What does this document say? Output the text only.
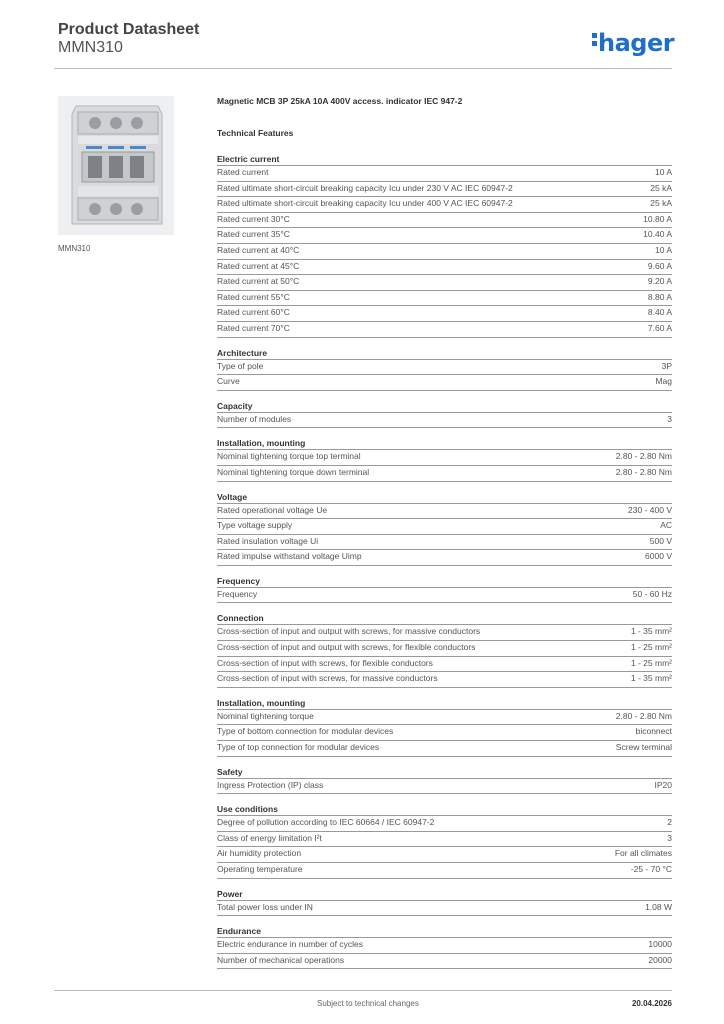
Product Datasheet
MMN310	hager
MMN310
Magnetic MCB 3P 25kA 10A 400V access. indicator IEC 947-2
Technical Features
Electric current
Rated current	10 A
Rated ultimate short-circuit breaking capacity Icu under 230 V AC IEC 60947-2	25 kA
Rated ultimate short-circuit breaking capacity Icu under 400 V AC IEC 60947-2	25 kA
Rated current 30°C	10.80 A
Rated current 35°C	10.40 A
Rated current at 40°C	10 A
Rated current at 45°C	9.60 A
Rated current at 50°C	9.20 A
Rated current 55°C	8.80 A
Rated current 60°C	8.40 A
Rated current 70°C	7.60 A
Architecture
Type of pole	3P
Curve	Mag
Capacity
Number of modules	3
Installation, mounting
Nominal tightening torque top terminal	2.80 - 2.80 Nm
Nominal tightening torque down terminal	2.80 - 2.80 Nm
Voltage
Rated operational voltage Ue	230 - 400 V
Type voltage supply	AC
Rated insulation voltage Ui	500 V
Rated impulse withstand voltage Uimp	6000 V
Frequency
Frequency	50 - 60 Hz
Connection
Cross-section of input and output with screws, for massive conductors	1 - 35 mm²
Cross-section of input and output with screws, for flexible conductors	1 - 25 mm²
Cross-section of input with screws, for flexible conductors	1 - 25 mm²
Cross-section of input with screws, for massive conductors	1 - 35 mm²
Installation, mounting
Nominal tightening torque	2.80 - 2.80 Nm
Type of bottom connection for modular devices	biconnect
Type of top connection for modular devices	Screw terminal
Safety
Ingress Protection (IP) class	IP20
Use conditions
Degree of pollution according to IEC 60664 / IEC 60947-2	2
Class of energy limitation I²t	3
Air humidity protection	For all climates
Operating temperature	-25 - 70 °C
Power
Total power loss under IN	1.08 W
Endurance
Electric endurance in number of cycles	10000
Number of mechanical operations	20000
Subject to technical changes	20.04.2026
